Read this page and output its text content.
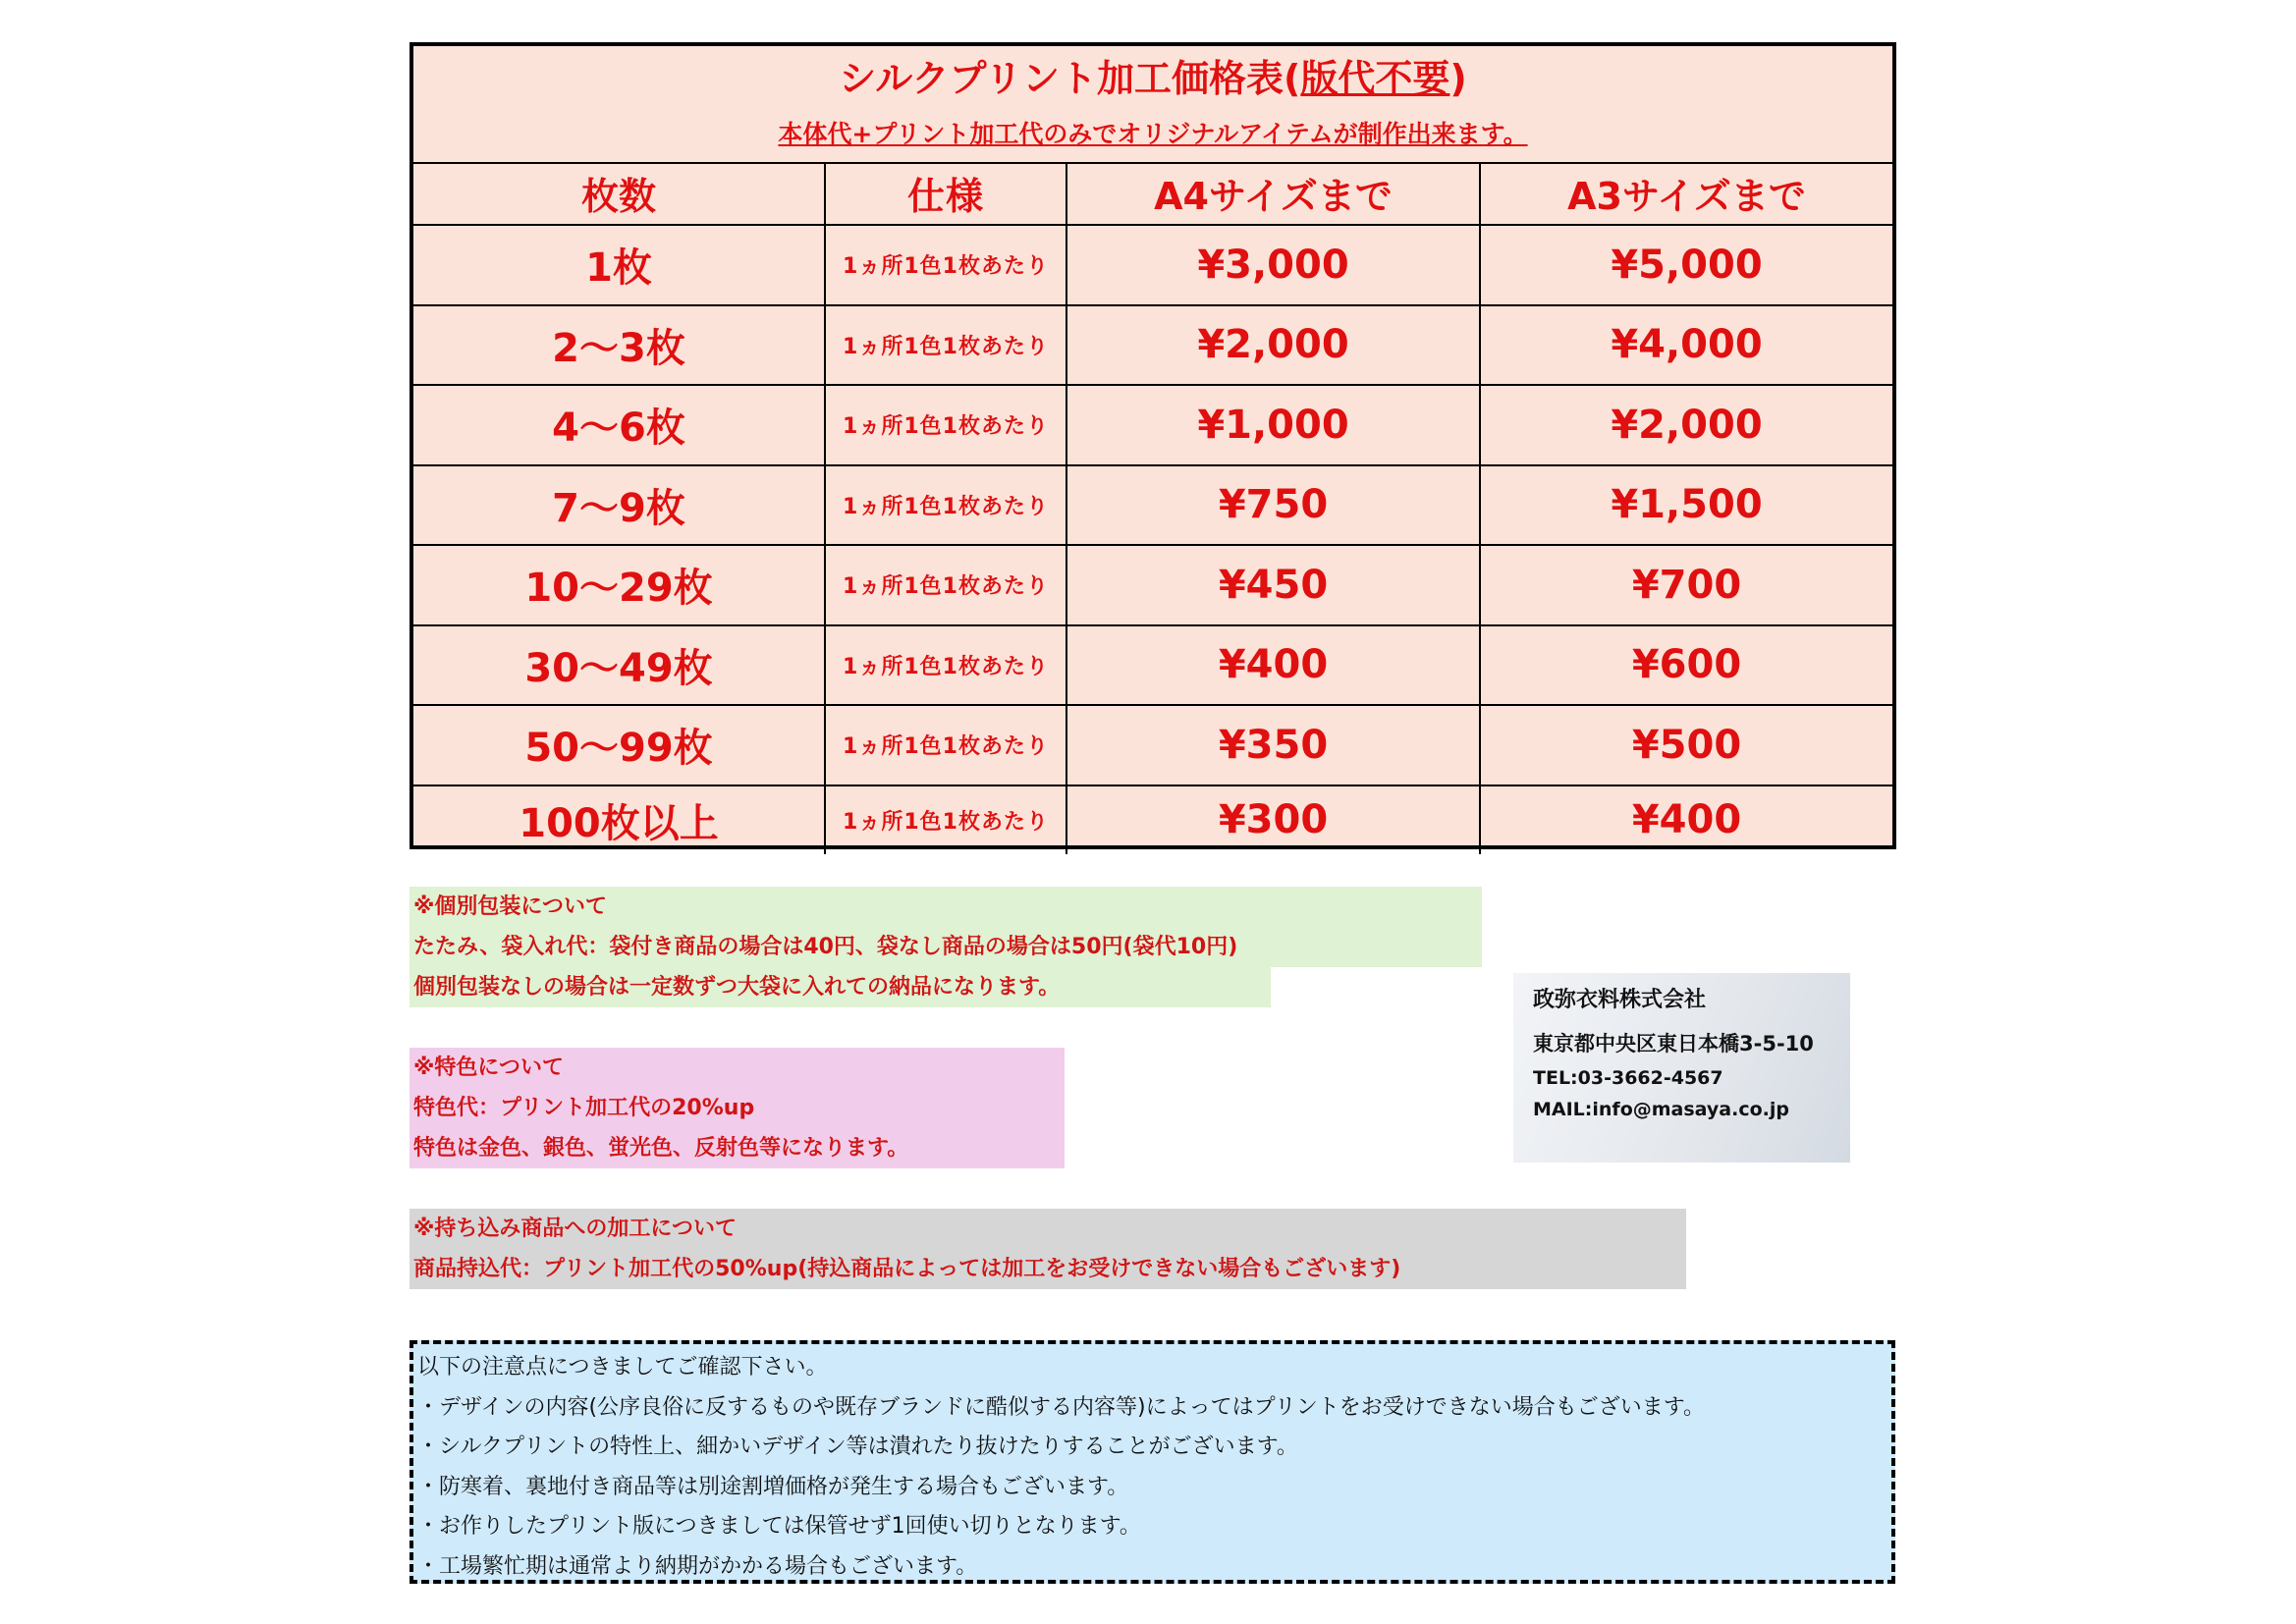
シルクプリント加工価格表(版代不要)
本体代+プリント加工代のみでオリジナルアイテムが制作出来ます。
枚数	仕様	A4サイズまで	A3サイズまで
1枚	1ヵ所1色1枚あたり	¥3,000	¥5,000
2～3枚	1ヵ所1色1枚あたり	¥2,000	¥4,000
4～6枚	1ヵ所1色1枚あたり	¥1,000	¥2,000
7～9枚	1ヵ所1色1枚あたり	¥750	¥1,500
10～29枚	1ヵ所1色1枚あたり	¥450	¥700
30～49枚	1ヵ所1色1枚あたり	¥400	¥600
50～99枚	1ヵ所1色1枚あたり	¥350	¥500
100枚以上	1ヵ所1色1枚あたり	¥300	¥400
※個別包装について
たたみ、袋入れ代：袋付き商品の場合は40円、袋なし商品の場合は50円(袋代10円)
個別包装なしの場合は一定数ずつ大袋に入れての納品になります。
※特色について
特色代：プリント加工代の20%up
特色は金色、銀色、蛍光色、反射色等になります。
※持ち込み商品への加工について
商品持込代：プリント加工代の50%up(持込商品によっては加工をお受けできない場合もございます)
政弥衣料株式会社
東京都中央区東日本橋3-5-10
TEL:03-3662-4567
MAIL:info@masaya.co.jp
以下の注意点につきましてご確認下さい。
・デザインの内容(公序良俗に反するものや既存ブランドに酷似する内容等)によってはプリントをお受けできない場合もございます。
・シルクプリントの特性上、細かいデザイン等は潰れたり抜けたりすることがございます。
・防寒着、裏地付き商品等は別途割増価格が発生する場合もございます。
・お作りしたプリント版につきましては保管せず1回使い切りとなります。
・工場繁忙期は通常より納期がかかる場合もございます。
